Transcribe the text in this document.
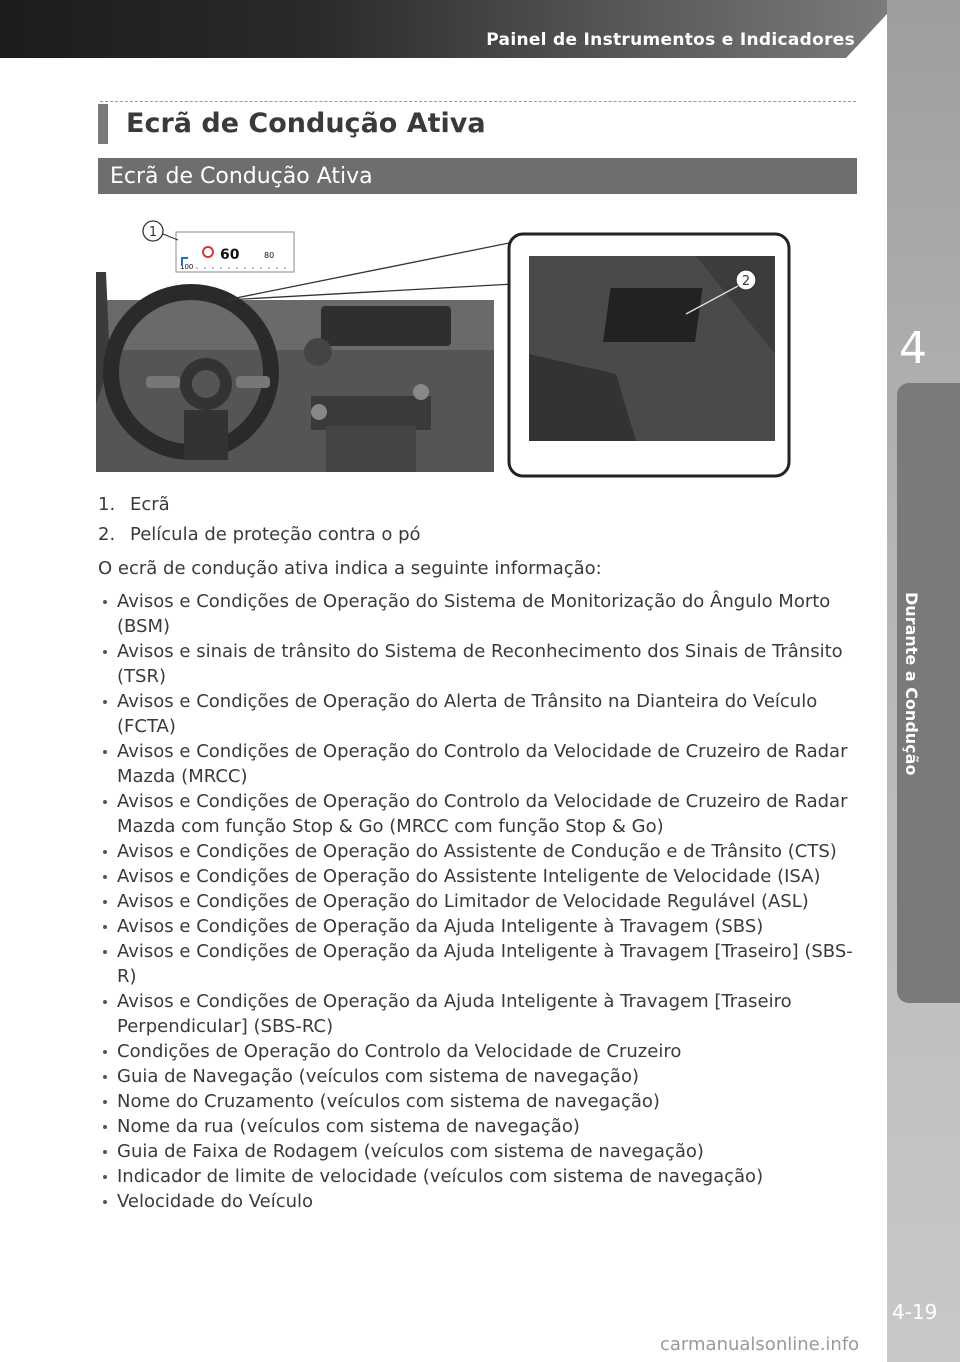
Painel de Instrumentos e Indicadores
4
Durante a Condução
4-19
Ecrã de Condução Ativa
Ecrã de Condução Ativa
60
100
80
1
2
1. Ecrã
2. Película de proteção contra o pó

O ecrã de condução ativa indica a seguinte informação:

Avisos e Condições de Operação do Sistema de Monitorização do Ângulo Morto (BSM)
Avisos e sinais de trânsito do Sistema de Reconhecimento dos Sinais de Trânsito (TSR)
Avisos e Condições de Operação do Alerta de Trânsito na Dianteira do Veículo (FCTA)
Avisos e Condições de Operação do Controlo da Velocidade de Cruzeiro de Radar Mazda (MRCC)
Avisos e Condições de Operação do Controlo da Velocidade de Cruzeiro de Radar Mazda com função Stop & Go (MRCC com função Stop & Go)
Avisos e Condições de Operação do Assistente de Condução e de Trânsito (CTS)
Avisos e Condições de Operação do Assistente Inteligente de Velocidade (ISA)
Avisos e Condições de Operação do Limitador de Velocidade Regulável (ASL)
Avisos e Condições de Operação da Ajuda Inteligente à Travagem (SBS)
Avisos e Condições de Operação da Ajuda Inteligente à Travagem [Traseiro] (SBS-R)
Avisos e Condições de Operação da Ajuda Inteligente à Travagem [Traseiro Perpendicular] (SBS-RC)
Condições de Operação do Controlo da Velocidade de Cruzeiro
Guia de Navegação (veículos com sistema de navegação)
Nome do Cruzamento (veículos com sistema de navegação)
Nome da rua (veículos com sistema de navegação)
Guia de Faixa de Rodagem (veículos com sistema de navegação)
Indicador de limite de velocidade (veículos com sistema de navegação)
Velocidade do Veículo
carmanualsonline.info
